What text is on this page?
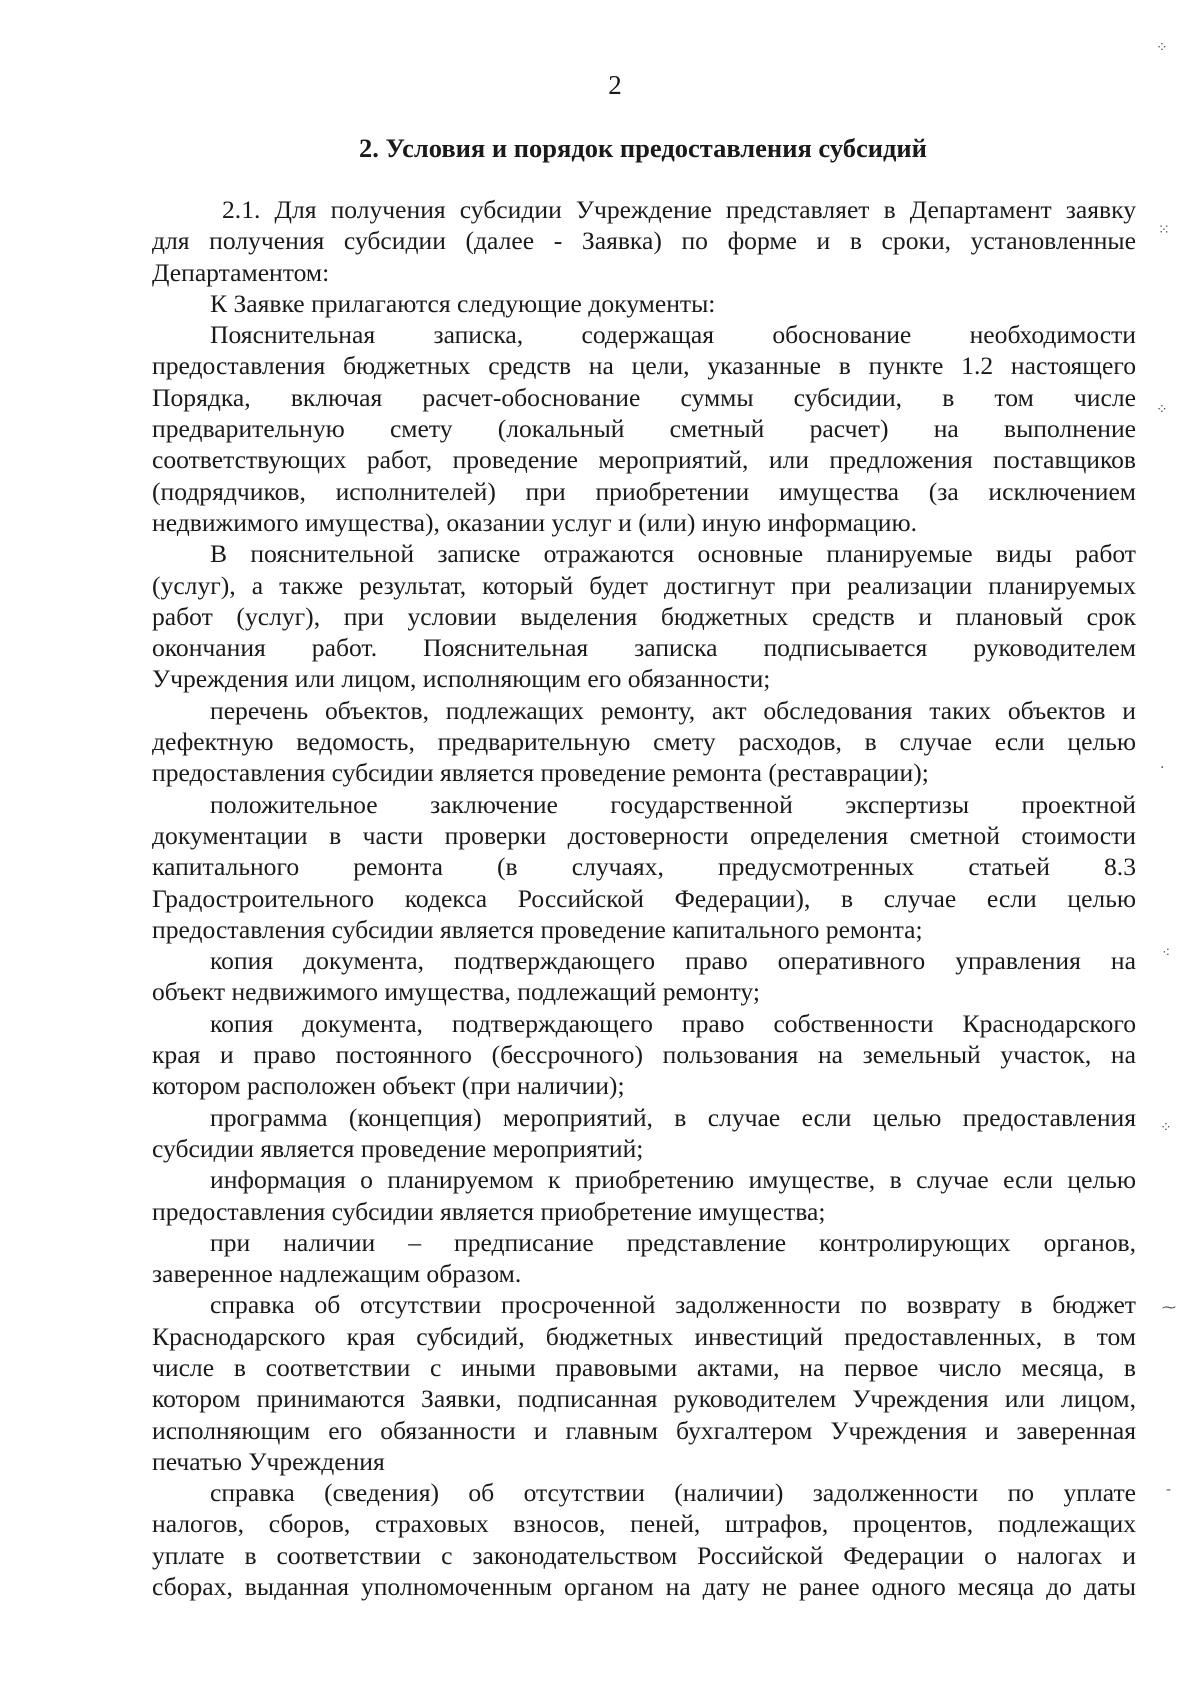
2
2. Условия и порядок предоставления субсидий

2.1. Для получения субсидии Учреждение представляет в Департамент заявку
для получения субсидии (далее - Заявка) по форме и в сроки, установленные
Департаментом:

К Заявке прилагаются следующие документы:

Пояснительная записка, содержащая обоснование необходимости
предоставления бюджетных средств на цели, указанные в пункте 1.2 настоящего
Порядка, включая расчет-обоснование суммы субсидии, в том числе
предварительную смету (локальный сметный расчет) на выполнение
соответствующих работ, проведение мероприятий, или предложения поставщиков
(подрядчиков, исполнителей) при приобретении имущества (за исключением
недвижимого имущества), оказании услуг и (или) иную информацию.

В пояснительной записке отражаются основные планируемые виды работ
(услуг), а также результат, который будет достигнут при реализации планируемых
работ (услуг), при условии выделения бюджетных средств и плановый срок
окончания работ. Пояснительная записка подписывается руководителем
Учреждения или лицом, исполняющим его обязанности;

перечень объектов, подлежащих ремонту, акт обследования таких объектов и
дефектную ведомость, предварительную смету расходов, в случае если целью
предоставления субсидии является проведение ремонта (реставрации);

положительное заключение государственной экспертизы проектной
документации в части проверки достоверности определения сметной стоимости
капитального ремонта (в случаях, предусмотренных статьей 8.3
Градостроительного кодекса Российской Федерации), в случае если целью
предоставления субсидии является проведение капитального ремонта;

копия документа, подтверждающего право оперативного управления на
объект недвижимого имущества, подлежащий ремонту;

копия документа, подтверждающего право собственности Краснодарского
края и право постоянного (бессрочного) пользования на земельный участок, на
котором расположен объект (при наличии);

программа (концепция) мероприятий, в случае если целью предоставления
субсидии является проведение мероприятий;

информация о планируемом к приобретению имуществе, в случае если целью
предоставления субсидии является приобретение имущества;

при наличии – предписание представление контролирующих органов,
заверенное надлежащим образом.

справка об отсутствии просроченной задолженности по возврату в бюджет
Краснодарского края субсидий, бюджетных инвестиций предоставленных, в том
числе в соответствии с иными правовыми актами, на первое число месяца, в
котором принимаются Заявки, подписанная руководителем Учреждения или лицом,
исполняющим его обязанности и главным бухгалтером Учреждения и заверенная
печатью Учреждения

справка (сведения) об отсутствии (наличии) задолженности по уплате
налогов, сборов, страховых взносов, пеней, штрафов, процентов, подлежащих
уплате в соответствии с законодательством Российской Федерации о налогах и
сборах, выданная уполномоченным органом на дату не ранее одного месяца до даты

⁘
⁙
⁘
·
⁖
⁘
⁓
-
